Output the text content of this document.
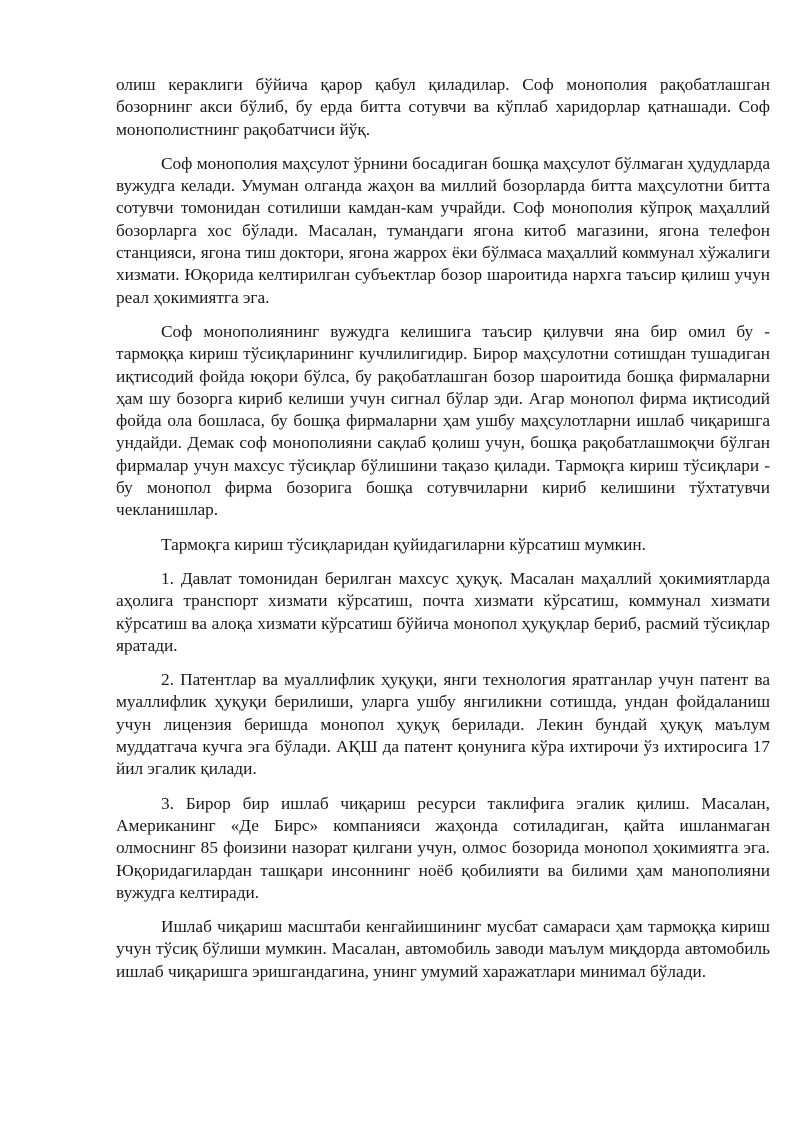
олиш кераклиги бўйича қарор қабул қиладилар. Соф монополия рақобатлашган бозорнинг акси бўлиб, бу ерда битта сотувчи ва кўплаб харидорлар қатнашади. Соф монополистнинг рақобатчиси йўқ.

Соф монополия маҳсулот ўрнини босадиган бошқа маҳсулот бўлмаган ҳудудларда вужудга келади. Умуман олганда жаҳон ва миллий бозорларда битта маҳсулотни битта сотувчи томонидан сотилиши камдан-кам учрайди. Соф монополия кўпроқ маҳаллий бозорларга хос бўлади. Масалан, тумандаги ягона китоб магазини, ягона телефон станцияси, ягона тиш доктори, ягона жаррох ёки бўлмаса маҳаллий коммунал хўжалиги хизмати. Юқорида келтирилган субъектлар бозор шароитида нархга таъсир қилиш учун реал ҳокимиятга эга.

Соф монополиянинг вужудга келишига таъсир қилувчи яна бир омил бу - тармоққа кириш тўсиқларининг кучлилигидир. Бирор маҳсулотни сотишдан тушадиган иқтисодий фойда юқори бўлса, бу рақобатлашган бозор шароитида бошқа фирмаларни ҳам шу бозорга кириб келиши учун сигнал бўлар эди. Агар монопол фирма иқтисодий фойда ола бошласа, бу бошқа фирмаларни ҳам ушбу маҳсулотларни ишлаб чиқаришга ундайди. Демак соф монополияни сақлаб қолиш учун, бошқа рақобатлашмоқчи бўлган фирмалар учун махсус тўсиқлар бўлишини тақазо қилади. Тармоқга кириш тўсиқлари - бу монопол фирма бозорига бошқа сотувчиларни кириб келишини тўхтатувчи чекланишлар.

Тармоқга кириш тўсиқларидан қуйидагиларни кўрсатиш мумкин.

1. Давлат томонидан берилган махсус ҳуқуқ. Масалан маҳаллий ҳокимиятларда аҳолига транспорт хизмати кўрсатиш, почта хизмати кўрсатиш, коммунал хизмати кўрсатиш ва алоқа хизмати кўрсатиш бўйича монопол ҳуқуқлар бериб, расмий тўсиқлар яратади.

2. Патентлар ва муаллифлик ҳуқуқи, янги технология яратганлар учун патент ва муаллифлик ҳуқуқи берилиши, уларга ушбу янгиликни сотишда, ундан фойдаланиш учун лицензия беришда монопол ҳуқуқ берилади. Лекин бундай ҳуқуқ маълум муддатгача кучга эга бўлади. АҚШ да патент қонунига кўра ихтирочи ўз ихтиросига 17 йил эгалик қилади.

3. Бирор бир ишлаб чиқариш ресурси таклифига эгалик қилиш. Масалан, Американинг «Де Бирс» компанияси жаҳонда сотиладиган, қайта ишланмаган олмоснинг 85 фоизини назорат қилгани учун, олмос бозорида монопол ҳокимиятга эга. Юқоридагилардан ташқари инсоннинг ноёб қобилияти ва билими ҳам манополияни вужудга келтиради.

Ишлаб чиқариш масштаби кенгайишининг мусбат самараси ҳам тармоққа кириш учун тўсиқ бўлиши мумкин. Масалан, автомобиль заводи маълум миқдорда автомобиль ишлаб чиқаришга эришгандагина, унинг умумий харажатлари минимал бўлади.
